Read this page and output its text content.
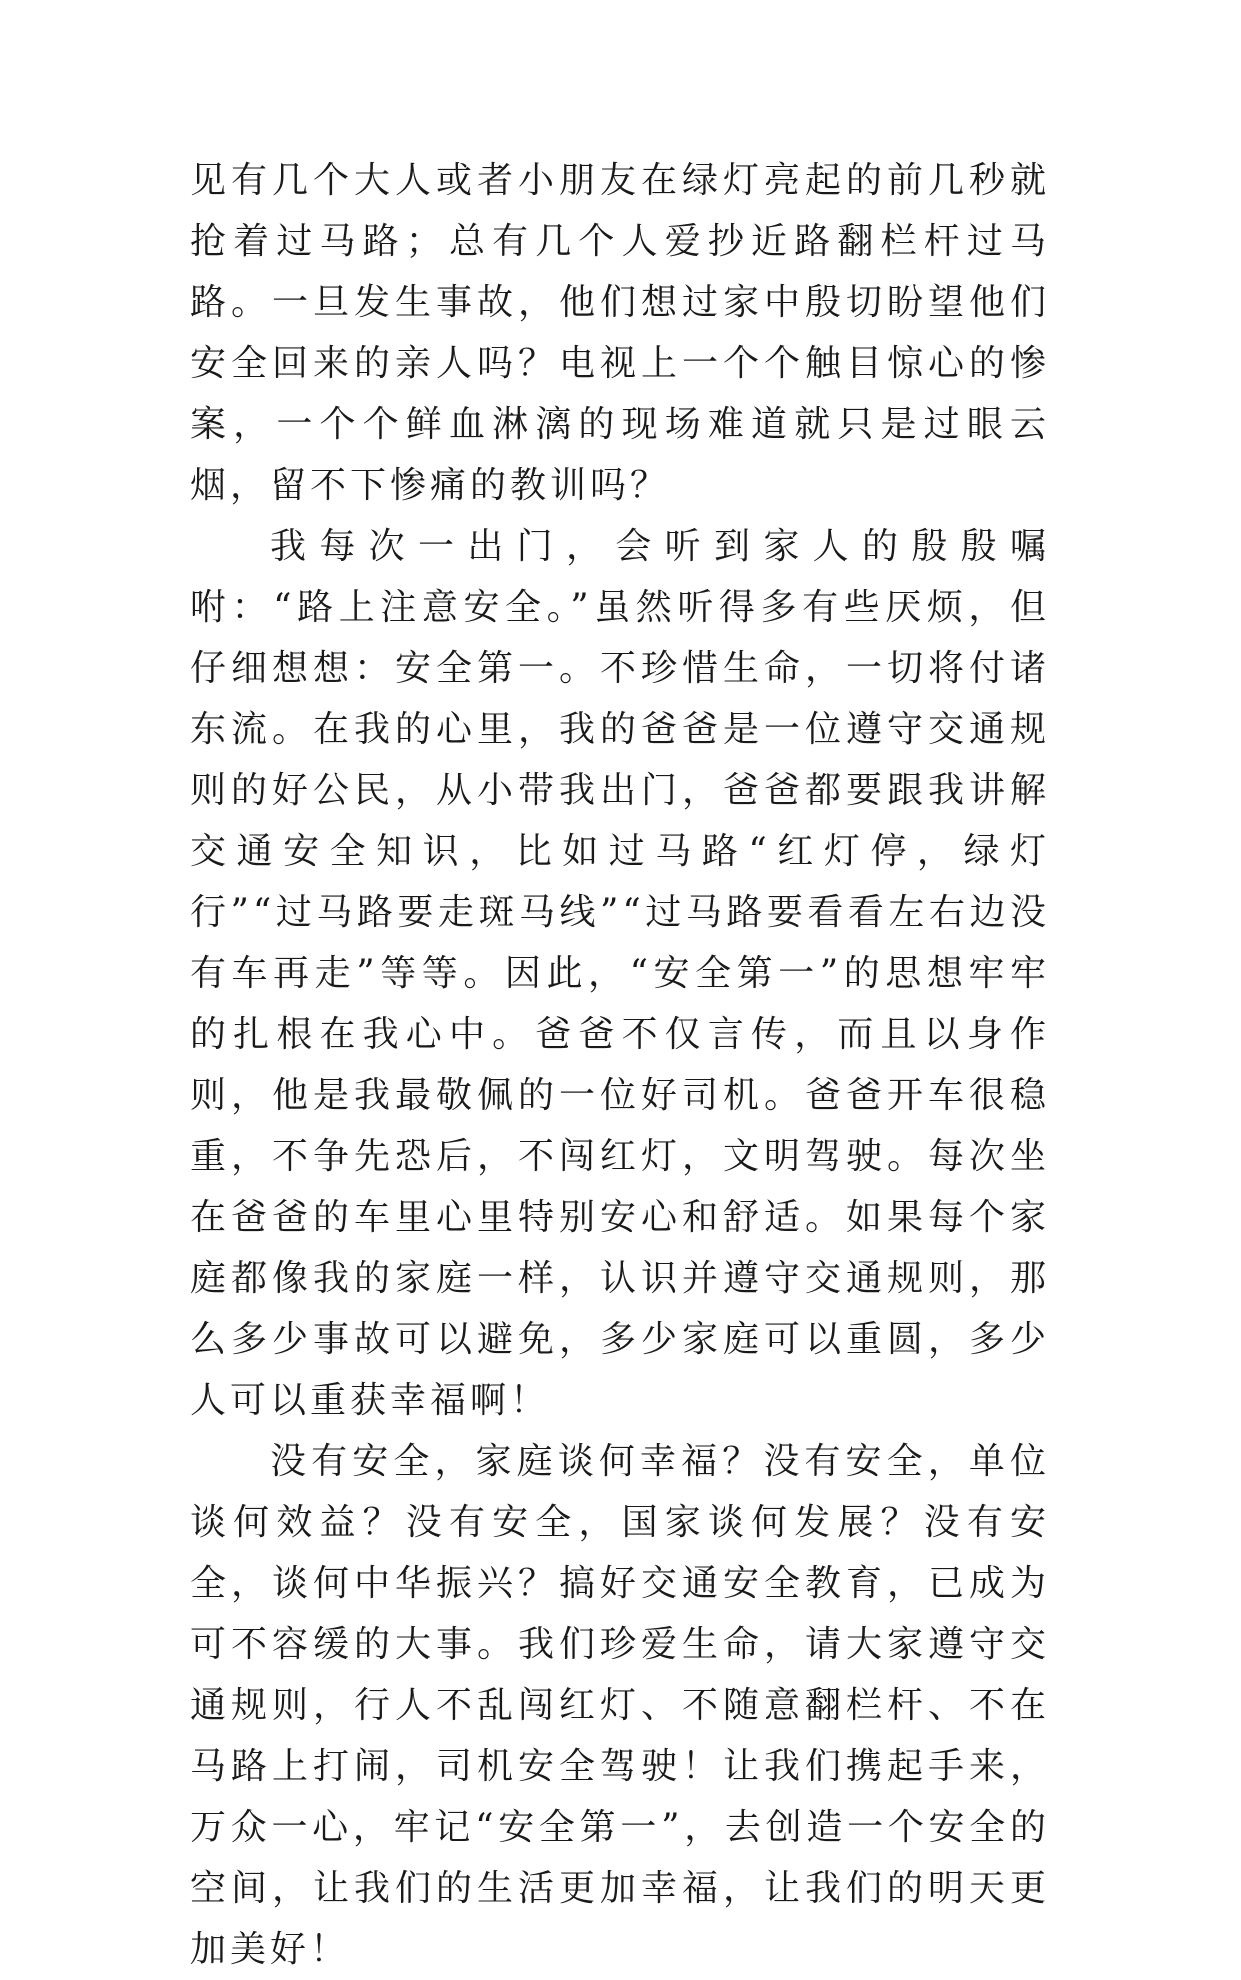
见有几个大人或者小朋友在绿灯亮起的前几秒就抢着过马路；总有几个人爱抄近路翻栏杆过马路。一旦发生事故，他们想过家中殷切盼望他们安全回来的亲人吗？电视上一个个触目惊心的惨案，一个个鲜血淋漓的现场难道就只是过眼云烟，留不下惨痛的教训吗？

我每次一出门，会听到家人的殷殷嘱咐：“路上注意安全。”虽然听得多有些厌烦，但仔细想想：安全第一。不珍惜生命，一切将付诸东流。在我的心里，我的爸爸是一位遵守交通规则的好公民，从小带我出门，爸爸都要跟我讲解交通安全知识，比如过马路“红灯停，绿灯行”“过马路要走斑马线”“过马路要看看左右边没有车再走”等等。因此，“安全第一”的思想牢牢的扎根在我心中。爸爸不仅言传，而且以身作则，他是我最敬佩的一位好司机。爸爸开车很稳重，不争先恐后，不闯红灯，文明驾驶。每次坐在爸爸的车里心里特别安心和舒适。如果每个家庭都像我的家庭一样，认识并遵守交通规则，那么多少事故可以避免，多少家庭可以重圆，多少人可以重获幸福啊！

没有安全，家庭谈何幸福？没有安全，单位谈何效益？没有安全，国家谈何发展？没有安全，谈何中华振兴？搞好交通安全教育，已成为可不容缓的大事。我们珍爱生命，请大家遵守交通规则，行人不乱闯红灯、不随意翻栏杆、不在马路上打闹，司机安全驾驶！让我们携起手来，万众一心，牢记“安全第一”，去创造一个安全的空间，让我们的生活更加幸福，让我们的明天更加美好！
